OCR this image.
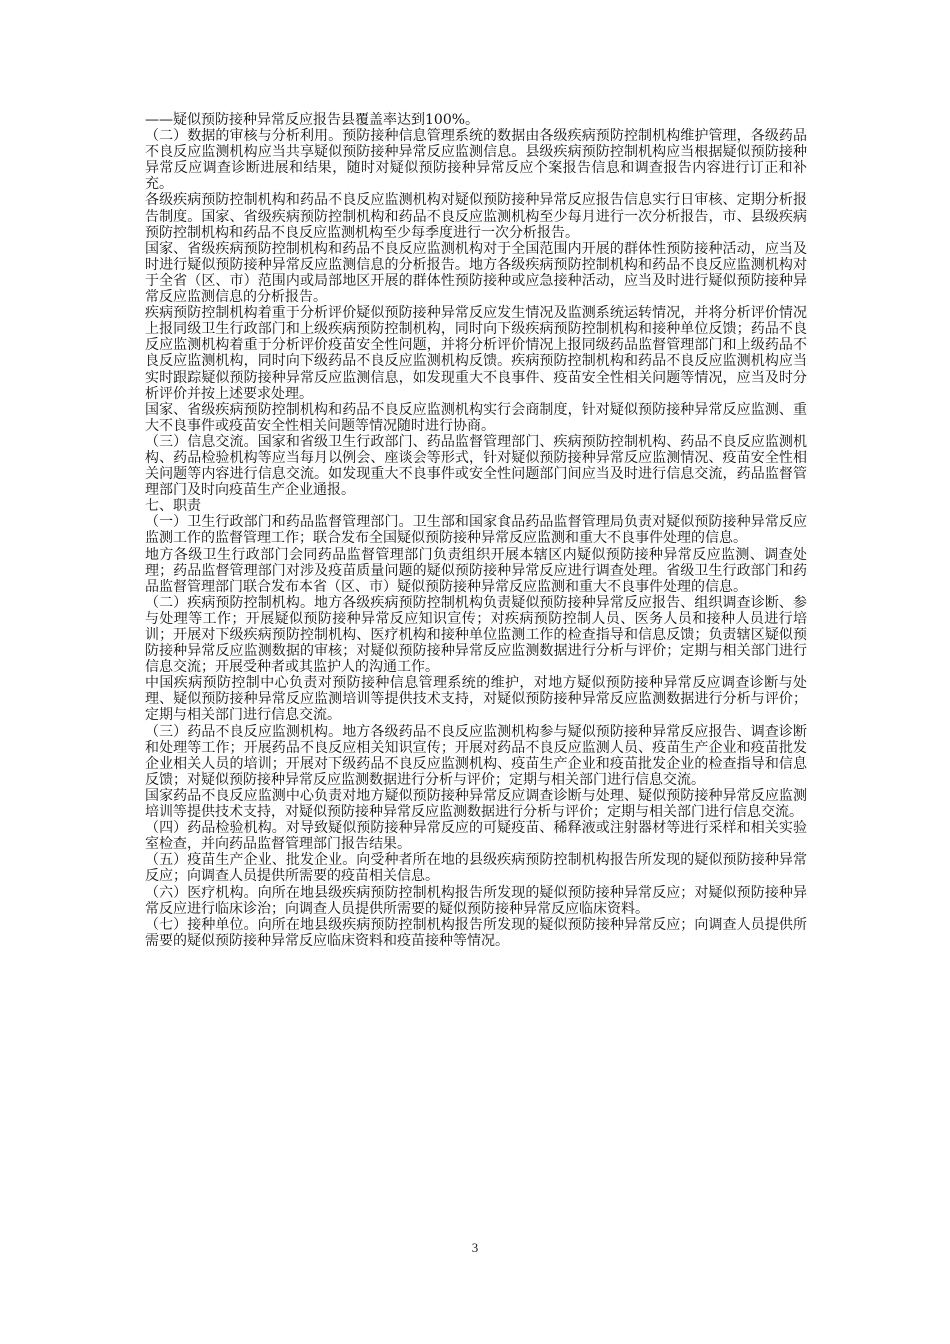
——疑似预防接种异常反应报告县覆盖率达到100%。

（二）数据的审核与分析利用。预防接种信息管理系统的数据由各级疾病预防控制机构维护管理，各级药品不良反应监测机构应当共享疑似预防接种异常反应监测信息。县级疾病预防控制机构应当根据疑似预防接种异常反应调查诊断进展和结果，随时对疑似预防接种异常反应个案报告信息和调查报告内容进行订正和补充。

各级疾病预防控制机构和药品不良反应监测机构对疑似预防接种异常反应报告信息实行日审核、定期分析报告制度。国家、省级疾病预防控制机构和药品不良反应监测机构至少每月进行一次分析报告，市、县级疾病预防控制机构和药品不良反应监测机构至少每季度进行一次分析报告。

国家、省级疾病预防控制机构和药品不良反应监测机构对于全国范围内开展的群体性预防接种活动，应当及时进行疑似预防接种异常反应监测信息的分析报告。地方各级疾病预防控制机构和药品不良反应监测机构对于全省（区、市）范围内或局部地区开展的群体性预防接种或应急接种活动，应当及时进行疑似预防接种异常反应监测信息的分析报告。

疾病预防控制机构着重于分析评价疑似预防接种异常反应发生情况及监测系统运转情况，并将分析评价情况上报同级卫生行政部门和上级疾病预防控制机构，同时向下级疾病预防控制机构和接种单位反馈；药品不良反应监测机构着重于分析评价疫苗安全性问题，并将分析评价情况上报同级药品监督管理部门和上级药品不良反应监测机构，同时向下级药品不良反应监测机构反馈。疾病预防控制机构和药品不良反应监测机构应当实时跟踪疑似预防接种异常反应监测信息，如发现重大不良事件、疫苗安全性相关问题等情况，应当及时分析评价并按上述要求处理。

国家、省级疾病预防控制机构和药品不良反应监测机构实行会商制度，针对疑似预防接种异常反应监测、重大不良事件或疫苗安全性相关问题等情况随时进行协商。

（三）信息交流。国家和省级卫生行政部门、药品监督管理部门、疾病预防控制机构、药品不良反应监测机构、药品检验机构等应当每月以例会、座谈会等形式，针对疑似预防接种异常反应监测情况、疫苗安全性相关问题等内容进行信息交流。如发现重大不良事件或安全性问题部门间应当及时进行信息交流，药品监督管理部门及时向疫苗生产企业通报。

七、职责

（一）卫生行政部门和药品监督管理部门。卫生部和国家食品药品监督管理局负责对疑似预防接种异常反应监测工作的监督管理工作；联合发布全国疑似预防接种异常反应监测和重大不良事件处理的信息。

地方各级卫生行政部门会同药品监督管理部门负责组织开展本辖区内疑似预防接种异常反应监测、调查处理；药品监督管理部门对涉及疫苗质量问题的疑似预防接种异常反应进行调查处理。省级卫生行政部门和药品监督管理部门联合发布本省（区、市）疑似预防接种异常反应监测和重大不良事件处理的信息。

（二）疾病预防控制机构。地方各级疾病预防控制机构负责疑似预防接种异常反应报告、组织调查诊断、参与处理等工作；开展疑似预防接种异常反应知识宣传；对疾病预防控制人员、医务人员和接种人员进行培训；开展对下级疾病预防控制机构、医疗机构和接种单位监测工作的检查指导和信息反馈；负责辖区疑似预防接种异常反应监测数据的审核；对疑似预防接种异常反应监测数据进行分析与评价；定期与相关部门进行信息交流；开展受种者或其监护人的沟通工作。

中国疾病预防控制中心负责对预防接种信息管理系统的维护，对地方疑似预防接种异常反应调查诊断与处理、疑似预防接种异常反应监测培训等提供技术支持，对疑似预防接种异常反应监测数据进行分析与评价；定期与相关部门进行信息交流。

（三）药品不良反应监测机构。地方各级药品不良反应监测机构参与疑似预防接种异常反应报告、调查诊断和处理等工作；开展药品不良反应相关知识宣传；开展对药品不良反应监测人员、疫苗生产企业和疫苗批发企业相关人员的培训；开展对下级药品不良反应监测机构、疫苗生产企业和疫苗批发企业的检查指导和信息反馈；对疑似预防接种异常反应监测数据进行分析与评价；定期与相关部门进行信息交流。

国家药品不良反应监测中心负责对地方疑似预防接种异常反应调查诊断与处理、疑似预防接种异常反应监测培训等提供技术支持，对疑似预防接种异常反应监测数据进行分析与评价；定期与相关部门进行信息交流。

（四）药品检验机构。对导致疑似预防接种异常反应的可疑疫苗、稀释液或注射器材等进行采样和相关实验室检查，并向药品监督管理部门报告结果。

（五）疫苗生产企业、批发企业。向受种者所在地的县级疾病预防控制机构报告所发现的疑似预防接种异常反应；向调查人员提供所需要的疫苗相关信息。

（六）医疗机构。向所在地县级疾病预防控制机构报告所发现的疑似预防接种异常反应；对疑似预防接种异常反应进行临床诊治；向调查人员提供所需要的疑似预防接种异常反应临床资料。

（七）接种单位。向所在地县级疾病预防控制机构报告所发现的疑似预防接种异常反应；向调查人员提供所需要的疑似预防接种异常反应临床资料和疫苗接种等情况。

3
